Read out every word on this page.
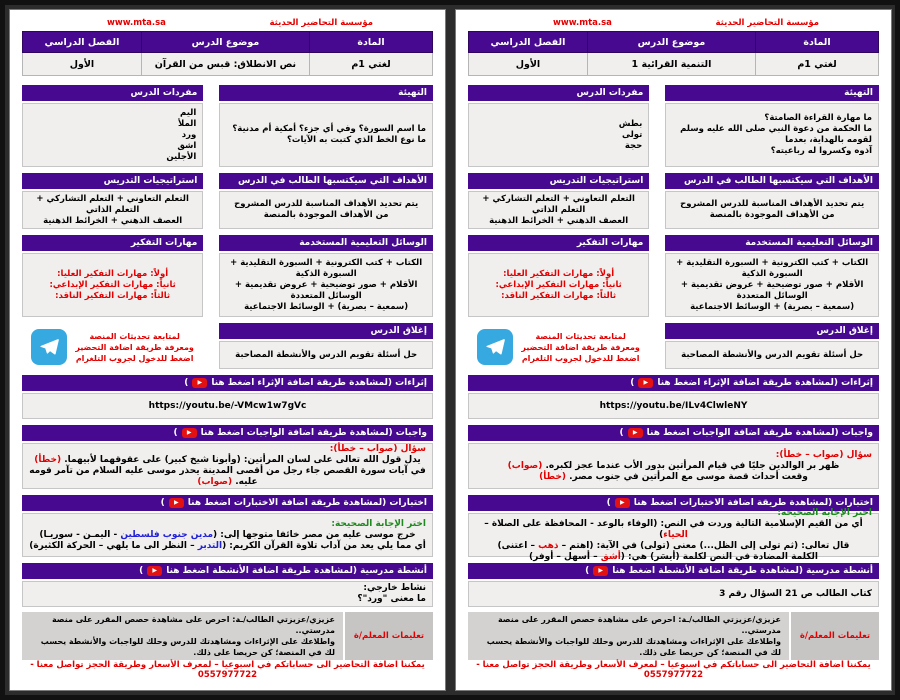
مؤسسة التحاضير الحديثة
www.mta.sa
المادة	موضوع الدرس	الفصل الدراسي
لغتي 1م	نص الانطلاق: قبس من القرآن	الأول
التهيئة
ما اسم السورة؟ وفي أي جزء؟ أمكية أم مدنية؟
ما نوع الخط الذي كتبت به الآيات؟
الأهداف التي سيكتسبها الطالب في الدرس
يتم تحديد الأهداف المناسبة للدرس المشروح من الأهداف الموجودة بالمنصة
الوسائل التعليمية المستخدمة
الكتاب + كتب الكترونية + السبورة التقليدية + السبورة الذكية
الأقلام + صور توضيحية + عروض تقديمية + الوسائل المتعددة
(سمعية – بصرية) + الوسائط الاجتماعية
إغلاق الدرس
حل أسئلة تقويم الدرس والأنشطة المصاحبة
مفردات الدرس
اليم
الملأ
ورد
اشق
الأجلين
استراتيجيات التدريس
التعلم التعاوني + التعلم التشاركي + التعلم الذاتي
العصف الذهني + الخرائط الذهنية
مهارات التفكير
أولاً: مهارات التفكير العليا:
ثانياً: مهارات التفكير الإبداعي:
ثالثاً: مهارات التفكير الناقد:
لمتابعة تحديثات المنصة
ومعرفة طريقة اضافة التحضير
اضغط للدخول لجروب التلغرام
إثراءات (لمشاهدة طريقة اضافة الإثراء اضغط هنا
▶
)
https://youtu.be/-VMcw1w7gVc
واجبات (لمشاهدة طريقة اضافة الواجبات اضغط هنا
▶
)
سؤال (صواب – خطأ):
يدل قول الله تعالى على لسان المرأتين: (وأبونا شيخ كبير) على عقوقهما لأبيهما. (خطأ)
في آيات سورة القصص جاء رجل من أقصى المدينة يحذر موسى عليه السلام من تآمر قومه عليه. (صواب)
اختبارات (لمشاهدة طريقة اضافة الاختبارات اضغط هنا
▶
)
اختر الإجابة الصحيحة:
خرج موسى عليه من مصر خائفا متوجها إلى: (مدين جنوب فلسطين - اليمـن - سوريـا)
أي مما يلي يعد من آداب تلاوة القرآن الكريم: (التدبر – النظر الى ما يلهي – الحركة الكثيرة)
أنشطة مدرسية (لمشاهدة طريقة اضافة الأنشطة اضغط هنا
▶
)
نشاط خارجي:
ما معنى "ورد"؟
تعليمات المعلم/ة
عزيزي/عزيزتي الطالب/ـة: احرص على مشاهدة حصص المقرر على منصة مدرستي..
واطلاعك على الإثراءات ومشاهدتك للدرس وحلك للواجبات والأنشطة يحسب لك في المنصة؛ كن حريصا على ذلك.
يمكننا اضافة التحاضير الى حساباتكم في اسبوعيا – لمعرف الأسعار وطريقة الحجز تواصل معنا - 0557977722
مؤسسة التحاضير الحديثة
www.mta.sa
المادة	موضوع الدرس	الفصل الدراسي
لغتي 1م	التنمية القرائية 1	الأول
التهيئة
ما مهارة القراءة الصامتة؟
ما الحكمة من دعوة النبي صلى الله عليه وسلم لقومه بالهداية، بعدما
آذوه وكسروا له رباعيته؟
الأهداف التي سيكتسبها الطالب في الدرس
يتم تحديد الأهداف المناسبة للدرس المشروح من الأهداف الموجودة بالمنصة
الوسائل التعليمية المستخدمة
الكتاب + كتب الكترونية + السبورة التقليدية + السبورة الذكية
الأقلام + صور توضيحية + عروض تقديمية + الوسائل المتعددة
(سمعية – بصرية) + الوسائط الاجتماعية
إغلاق الدرس
حل أسئلة تقويم الدرس والأنشطة المصاحبة
مفردات الدرس
بطش
تولى
حجة
استراتيجيات التدريس
التعلم التعاوني + التعلم التشاركي + التعلم الذاتي
العصف الذهني + الخرائط الذهنية
مهارات التفكير
أولاً: مهارات التفكير العليا:
ثانياً: مهارات التفكير الإبداعي:
ثالثاً: مهارات التفكير الناقد:
لمتابعة تحديثات المنصة
ومعرفة طريقة اضافة التحضير
اضغط للدخول لجروب التلغرام
إثراءات (لمشاهدة طريقة اضافة الإثراء اضغط هنا
▶
)
https://youtu.be/ILv4ClwleNY
واجبات (لمشاهدة طريقة اضافة الواجبات اضغط هنا
▶
)
سؤال (صواب – خطأ):
ظهر بر الوالدين جليًا في قيام المرأتين بدور الأب عندما عجز لكبره. (صواب)
وقعت أحداث قصة موسى مع المرأتين في جنوب مصر. (خطأ)
اختبارات (لمشاهدة طريقة اضافة الاختبارات اضغط هنا
▶
)
اختر الإجابة الصحيحة:
أي من القيم الإسلامية التالية وردت في النص: (الوفاء بالوعد - المحافظة على الصلاة – الحياء)
قال تعالى: (ثم تولى إلى الظل...) معنى (تولى) في الآية: (اهتم – ذهب – اعتنى)
الكلمة المضادة في النص لكلمة (أيسَر) هي: (أشق – أسهل – أوفر)
أنشطة مدرسية (لمشاهدة طريقة اضافة الأنشطة اضغط هنا
▶
)
كتاب الطالب ص 21 السؤال رقم 3
تعليمات المعلم/ة
عزيزي/عزيزتي الطالب/ـة: احرص على مشاهدة حصص المقرر على منصة مدرستي..
واطلاعك على الإثراءات ومشاهدتك للدرس وحلك للواجبات والأنشطة يحسب لك في المنصة؛ كن حريصا على ذلك.
يمكننا اضافة التحاضير الى حساباتكم في اسبوعيا – لمعرف الأسعار وطريقة الحجز تواصل معنا - 0557977722
